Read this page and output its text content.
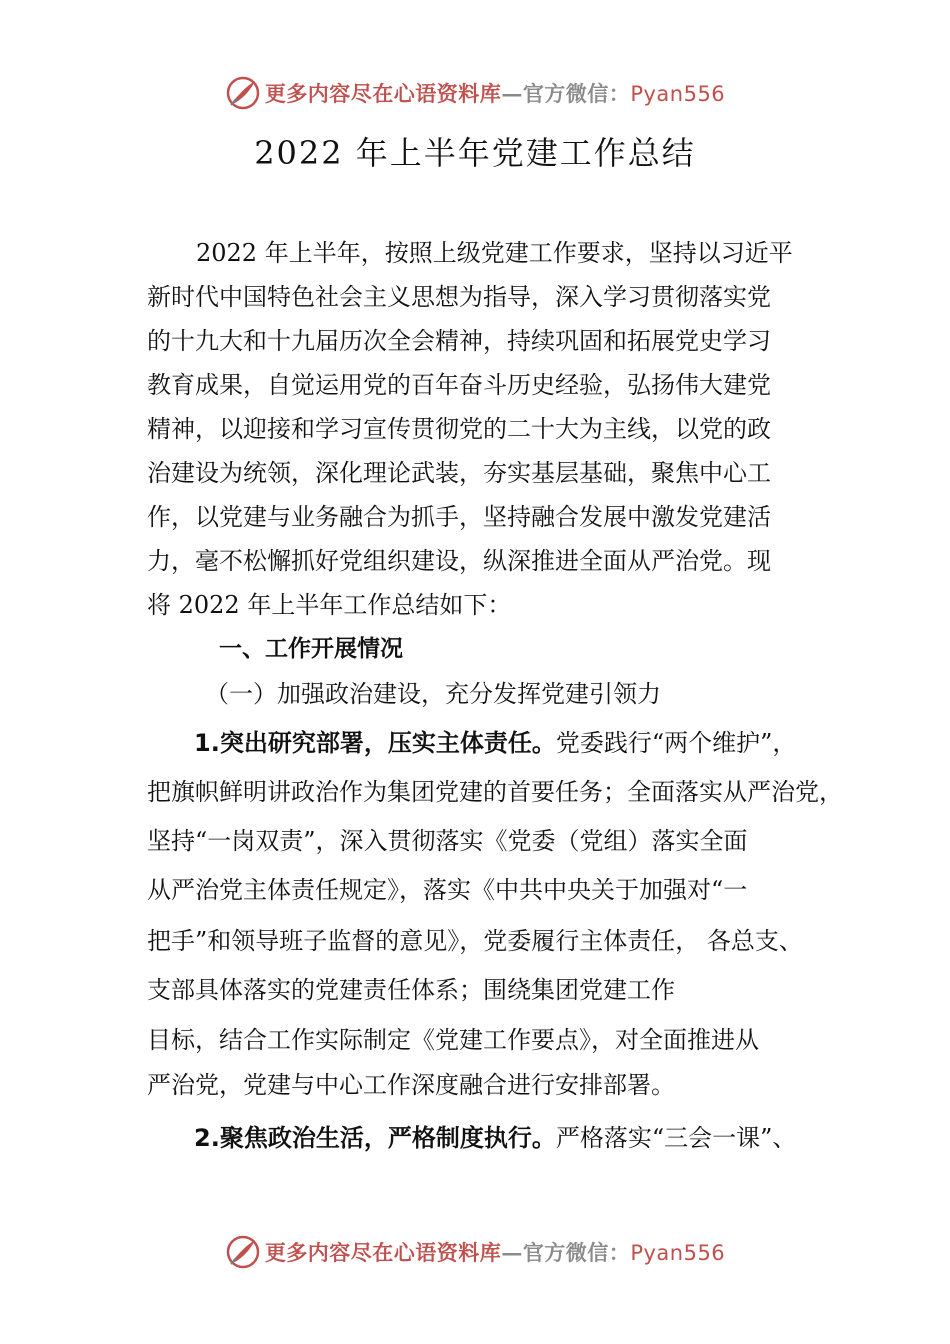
更多内容尽在心语资料库—官方微信：Pyan556
2022 年上半年党建工作总结

2022 年上半年，按照上级党建工作要求，坚持以习近平

新时代中国特色社会主义思想为指导，深入学习贯彻落实党

的十九大和十九届历次全会精神，持续巩固和拓展党史学习

教育成果，自觉运用党的百年奋斗历史经验，弘扬伟大建党

精神，以迎接和学习宣传贯彻党的二十大为主线，以党的政

治建设为统领，深化理论武装，夯实基层基础，聚焦中心工

作，以党建与业务融合为抓手，坚持融合发展中激发党建活

力，毫不松懈抓好党组织建设，纵深推进全面从严治党。现

将 2022 年上半年工作总结如下：

一、工作开展情况

（一）加强政治建设，充分发挥党建引领力

1.突出研究部署，压实主体责任。党委践行“两个维护”，

把旗帜鲜明讲政治作为集团党建的首要任务；全面落实从严治党，

坚持“一岗双责”，深入贯彻落实《党委（党组）落实全面

从严治党主体责任规定》，落实《中共中央关于加强对“一

把手”和领导班子监督的意见》，党委履行主体责任， 各总支、

支部具体落实的党建责任体系；围绕集团党建工作

目标，结合工作实际制定《党建工作要点》，对全面推进从

严治党，党建与中心工作深度融合进行安排部署。

2.聚焦政治生活，严格制度执行。严格落实“三会一课”、

更多内容尽在心语资料库—官方微信：Pyan556
